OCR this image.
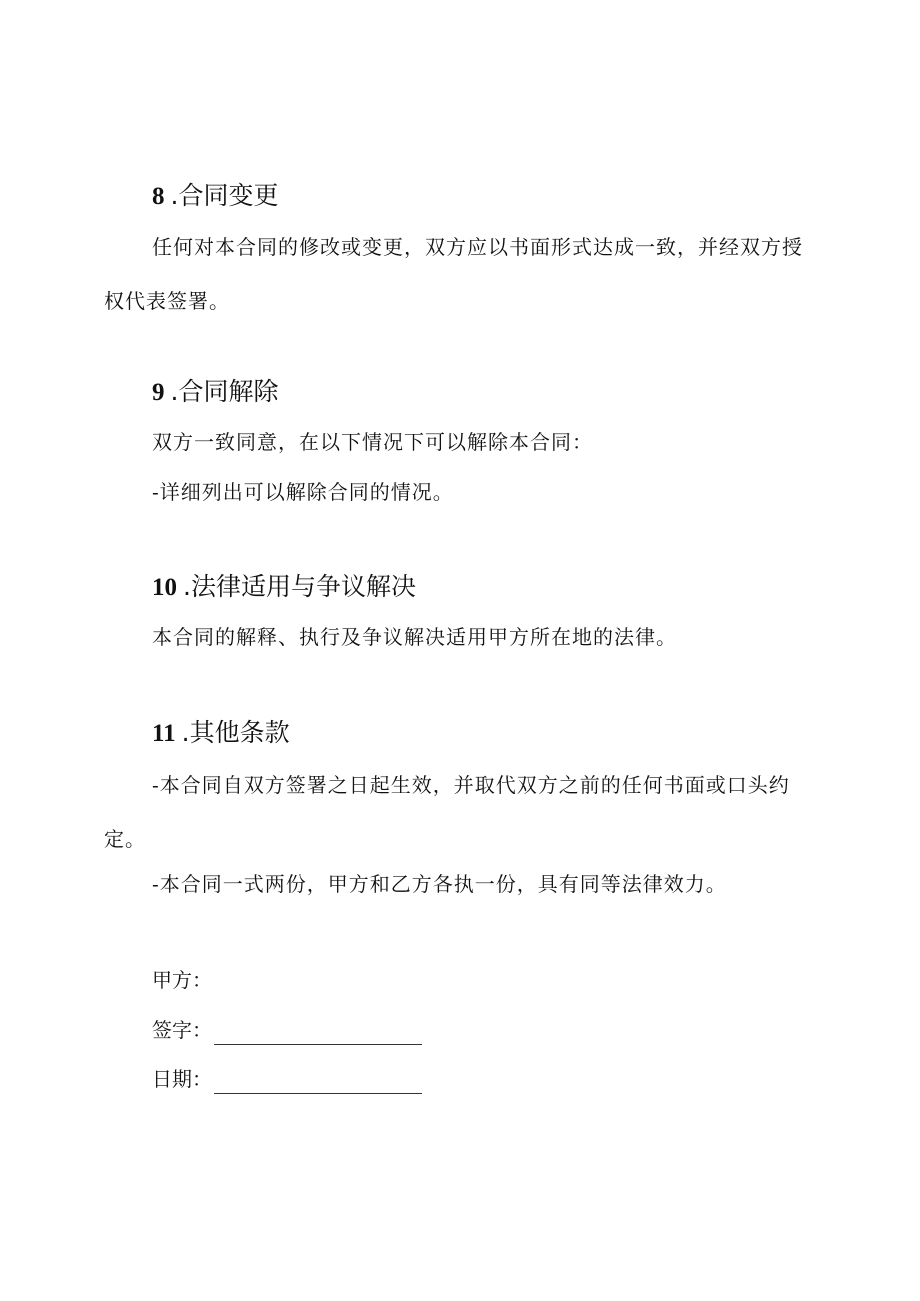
8 .合同变更
任何对本合同的修改或变更，双方应以书面形式达成一致，并经双方授权代表签署。
9 .合同解除
双方一致同意，在以下情况下可以解除本合同：
-详细列出可以解除合同的情况。
10 .法律适用与争议解决
本合同的解释、执行及争议解决适用甲方所在地的法律。
11 .其他条款
-本合同自双方签署之日起生效，并取代双方之前的任何书面或口头约定。
-本合同一式两份，甲方和乙方各执一份，具有同等法律效力。
甲方：
签字：
日期：
